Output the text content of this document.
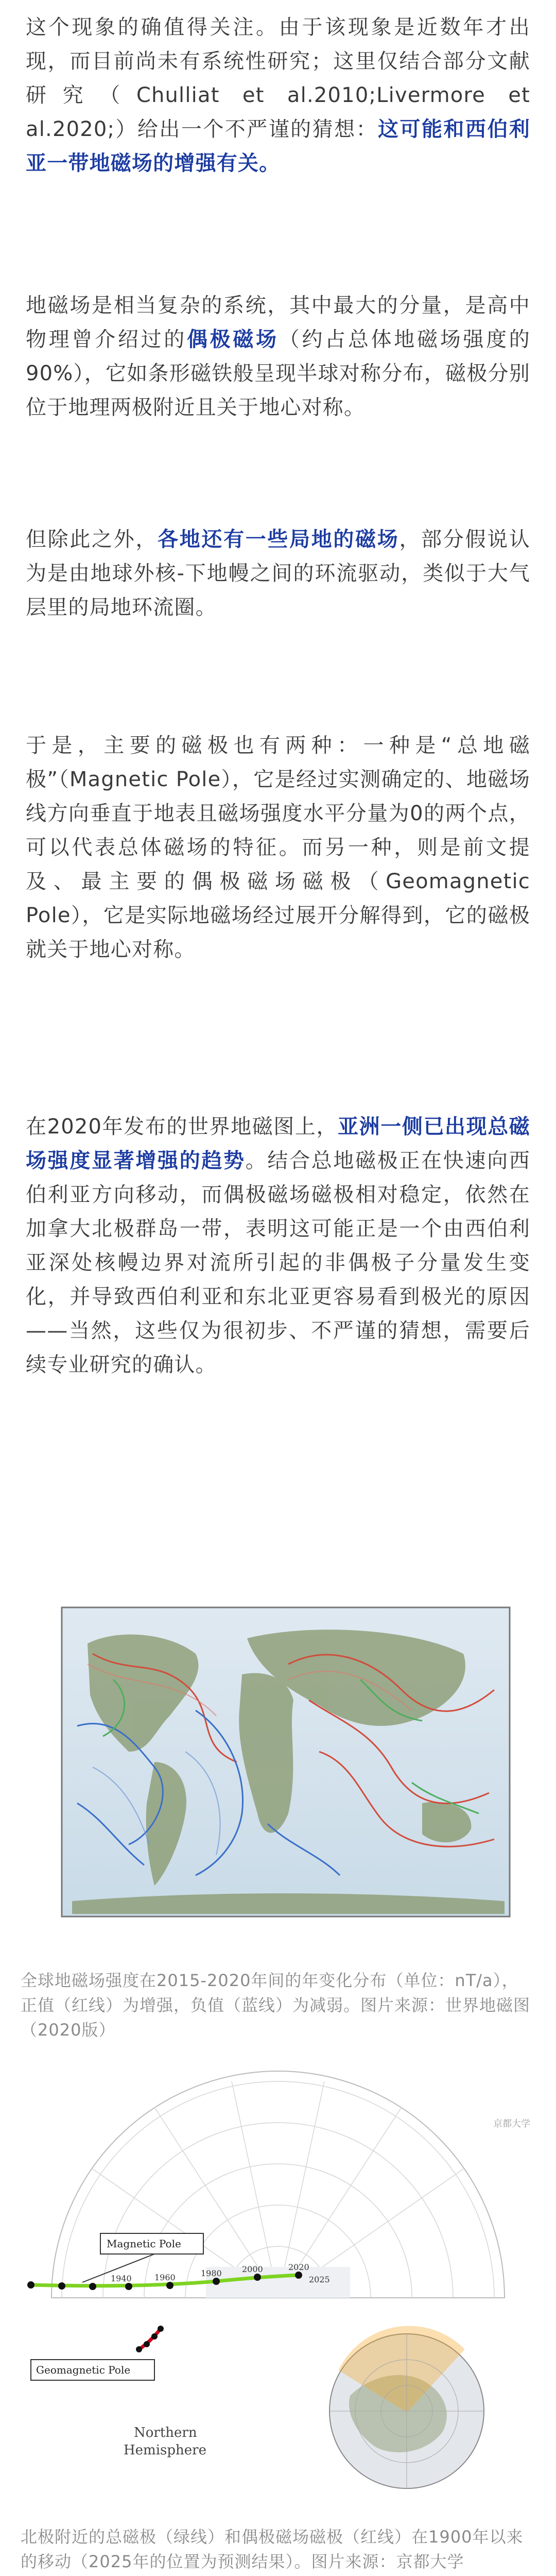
这个现象的确值得关注。由于该现象是近数年才出现，而目前尚未有系统性研究；这里仅结合部分文献研究（Chulliat et al.2010;Livermore et al.2020;）给出一个不严谨的猜想：这可能和西伯利亚一带地磁场的增强有关。
地磁场是相当复杂的系统，其中最大的分量，是高中物理曾介绍过的偶极磁场（约占总体地磁场强度的90%），它如条形磁铁般呈现半球对称分布，磁极分别位于地理两极附近且关于地心对称。
但除此之外，各地还有一些局地的磁场，部分假说认为是由地球外核-下地幔之间的环流驱动，类似于大气层里的局地环流圈。
于是，主要的磁极也有两种：一种是“总地磁极”（Magnetic Pole），它是经过实测确定的、地磁场线方向垂直于地表且磁场强度水平分量为0的两个点，可以代表总体磁场的特征。而另一种，则是前文提及、最主要的偶极磁场磁极（Geomagnetic Pole），它是实际地磁场经过展开分解得到，它的磁极就关于地心对称。
在2020年发布的世界地磁图上，亚洲一侧已出现总磁场强度显著增强的趋势。结合总地磁极正在快速向西伯利亚方向移动，而偶极磁场磁极相对稳定，依然在加拿大北极群岛一带，表明这可能正是一个由西伯利亚深处核幔边界对流所引起的非偶极子分量发生变化，并导致西伯利亚和东北亚更容易看到极光的原因——当然，这些仅为很初步、不严谨的猜想，需要后续专业研究的确认。
全球地磁场强度在2015-2020年间的年变化分布（单位：nT/a），正值（红线）为增强，负值（蓝线）为减弱。图片来源：世界地磁图（2020版）
1940	1960	1980 2000	2020
2025
Magnetic Pole
Geomagnetic Pole
Northern Hemisphere
北极附近的总磁极（绿线）和偶极磁场磁极（红线）在1900年以来的移动（2025年的位置为预测结果）。图片来源：京都大学
京都大学
